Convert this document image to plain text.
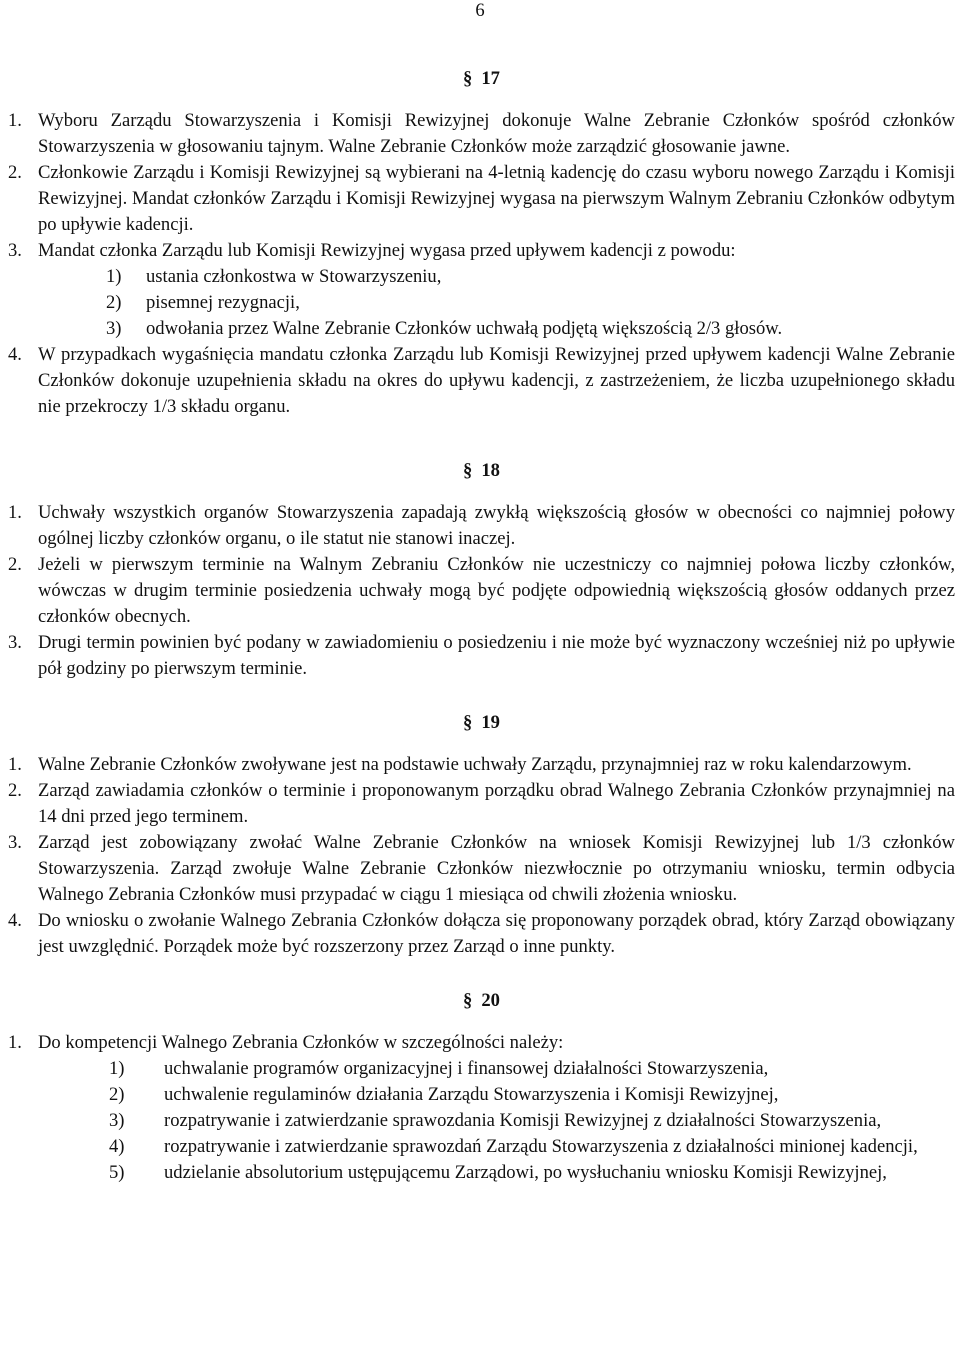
6
§ 17
1. Wyboru Zarządu Stowarzyszenia i Komisji Rewizyjnej dokonuje Walne Zebranie Członków spośród członków Stowarzyszenia w głosowaniu tajnym. Walne Zebranie Członków może zarządzić głosowanie jawne.
2. Członkowie Zarządu i Komisji Rewizyjnej są wybierani na 4-letnią kadencję do czasu wyboru nowego Zarządu i Komisji Rewizyjnej. Mandat członków Zarządu i Komisji Rewizyjnej wygasa na pierwszym Walnym Zebraniu Członków odbytym po upływie kadencji.
3. Mandat członka Zarządu lub Komisji Rewizyjnej wygasa przed upływem kadencji z powodu:
1)	ustania członkostwa w Stowarzyszeniu,
2)	pisemnej rezygnacji,
3)	odwołania przez Walne Zebranie Członków uchwałą podjętą większością 2/3 głosów.
4. W przypadkach wygaśnięcia mandatu członka Zarządu lub Komisji Rewizyjnej przed upływem kadencji Walne Zebranie Członków dokonuje uzupełnienia składu na okres do upływu kadencji, z zastrzeżeniem, że liczba uzupełnionego składu nie przekroczy 1/3 składu organu.
§ 18
1. Uchwały wszystkich organów Stowarzyszenia zapadają zwykłą większością głosów w obecności co najmniej połowy ogólnej liczby członków organu, o ile statut nie stanowi inaczej.
2. Jeżeli w pierwszym terminie na Walnym Zebraniu Członków nie uczestniczy co najmniej połowa liczby członków, wówczas w drugim terminie posiedzenia uchwały mogą być podjęte odpowiednią większością głosów oddanych przez członków obecnych.
3. Drugi termin powinien być podany w zawiadomieniu o posiedzeniu i nie może być wyznaczony wcześniej niż po upływie pół godziny po pierwszym terminie.
§ 19
1. Walne Zebranie Członków zwoływane jest na podstawie uchwały Zarządu, przynajmniej raz w roku kalendarzowym.
2. Zarząd zawiadamia członków o terminie i proponowanym porządku obrad Walnego Zebrania Członków przynajmniej na 14 dni przed jego terminem.
3. Zarząd jest zobowiązany zwołać Walne Zebranie Członków na wniosek Komisji Rewizyjnej lub 1/3 członków Stowarzyszenia. Zarząd zwołuje Walne Zebranie Członków niezwłocznie po otrzymaniu wniosku, termin odbycia Walnego Zebrania Członków musi przypadać w ciągu 1 miesiąca od chwili złożenia wniosku.
4. Do wniosku o zwołanie Walnego Zebrania Członków dołącza się proponowany porządek obrad, który Zarząd obowiązany jest uwzględnić. Porządek może być rozszerzony przez Zarząd o inne punkty.
§ 20
1. Do kompetencji Walnego Zebrania Członków w szczególności należy:
1)	uchwalanie programów organizacyjnej i finansowej działalności Stowarzyszenia,
2)	uchwalenie regulaminów działania Zarządu Stowarzyszenia i Komisji Rewizyjnej,
3)	rozpatrywanie i zatwierdzanie sprawozdania Komisji Rewizyjnej z działalności Stowarzyszenia,
4)	rozpatrywanie i zatwierdzanie sprawozdań Zarządu Stowarzyszenia z działalności minionej kadencji,
5)	udzielanie absolutorium ustępującemu Zarządowi, po wysłuchaniu wniosku Komisji Rewizyjnej,
